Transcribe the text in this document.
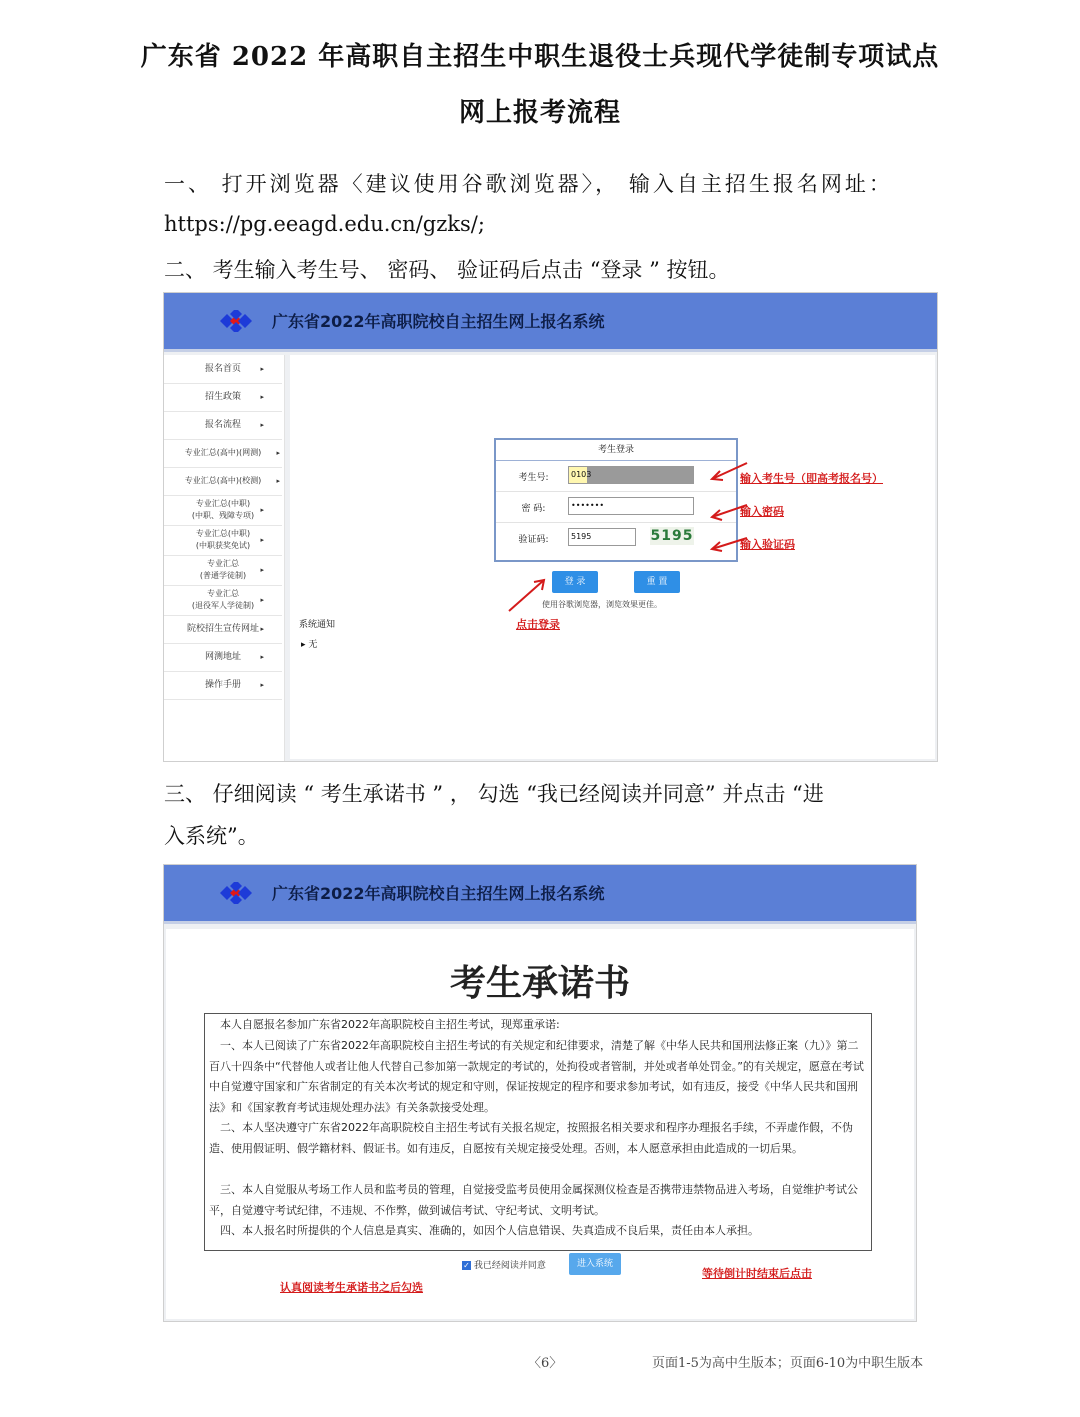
广东省 2022 年高职自主招生中职生退役士兵现代学徒制专项试点
网上报考流程
一、 打开浏览器〈建议使用谷歌浏览器〉， 输入自主招生报名网址：
https://pg.eeagd.edu.cn/gzks/;
二、 考生输入考生号、 密码、 验证码后点击 “登录 ” 按钮。
广东省2022年高职院校自主招生网上报名系统
报名首页	▸
招生政策	▸
报名流程	▸
专业汇总(高中)(网测) ▸
专业汇总(高中)(校测) ▸
专业汇总(中职)
(中职、残障专项)
▸
专业汇总(中职)
(中职获奖免试)
▸
专业汇总
(普通学徒制)
▸
专业汇总
(退役军人学徒制)
▸
院校招生宣传网址 ▸
网测地址	▸
操作手册	▸
考生登录
考生号:	0103
密 码:	•••••••
验证码:	5195	5195
登 录	重 置
使用谷歌浏览器，浏览效果更佳。
系统通知
▸ 无
输入考生号（即高考报名号）
输入密码
输入验证码
点击登录
三、 仔细阅读 “ 考生承诺书 ” ， 勾选 “我已经阅读并同意” 并点击 “进
入系统”。
广东省2022年高职院校自主招生网上报名系统
考生承诺书

　本人自愿报名参加广东省2022年高职院校自主招生考试，现郑重承诺:

　一、本人已阅读了广东省2022年高职院校自主招生考试的有关规定和纪律要求，清楚了解《中华人民共和国刑法修正案（九）》第二百八十四条中“代替他人或者让他人代替自己参加第一款规定的考试的，处拘役或者管制，并处或者单处罚金。”的有关规定，愿意在考试中自觉遵守国家和广东省制定的有关本次考试的规定和守则，保证按规定的程序和要求参加考试，如有违反，接受《中华人民共和国刑法》和《国家教育考试违规处理办法》有关条款接受处理。

　二、本人坚决遵守广东省2022年高职院校自主招生考试有关报名规定，按照报名相关要求和程序办理报名手续，不弄虚作假，不伪造、使用假证明、假学籍材料、假证书。如有违反，自愿按有关规定接受处理。否则，本人愿意承担由此造成的一切后果。

　三、本人自觉服从考场工作人员和监考员的管理，自觉接受监考员使用金属探测仪检查是否携带违禁物品进入考场，自觉维护考试公平，自觉遵守考试纪律，不违规、不作弊，做到诚信考试、守纪考试、文明考试。

　四、本人报名时所提供的个人信息是真实、准确的，如因个人信息错误、失真造成不良后果，责任由本人承担。

✓ 我已经阅读并同意	进入系统
认真阅读考生承诺书之后勾选
等待倒计时结束后点击
〈6〉	页面1-5为高中生版本；页面6-10为中职生版本
